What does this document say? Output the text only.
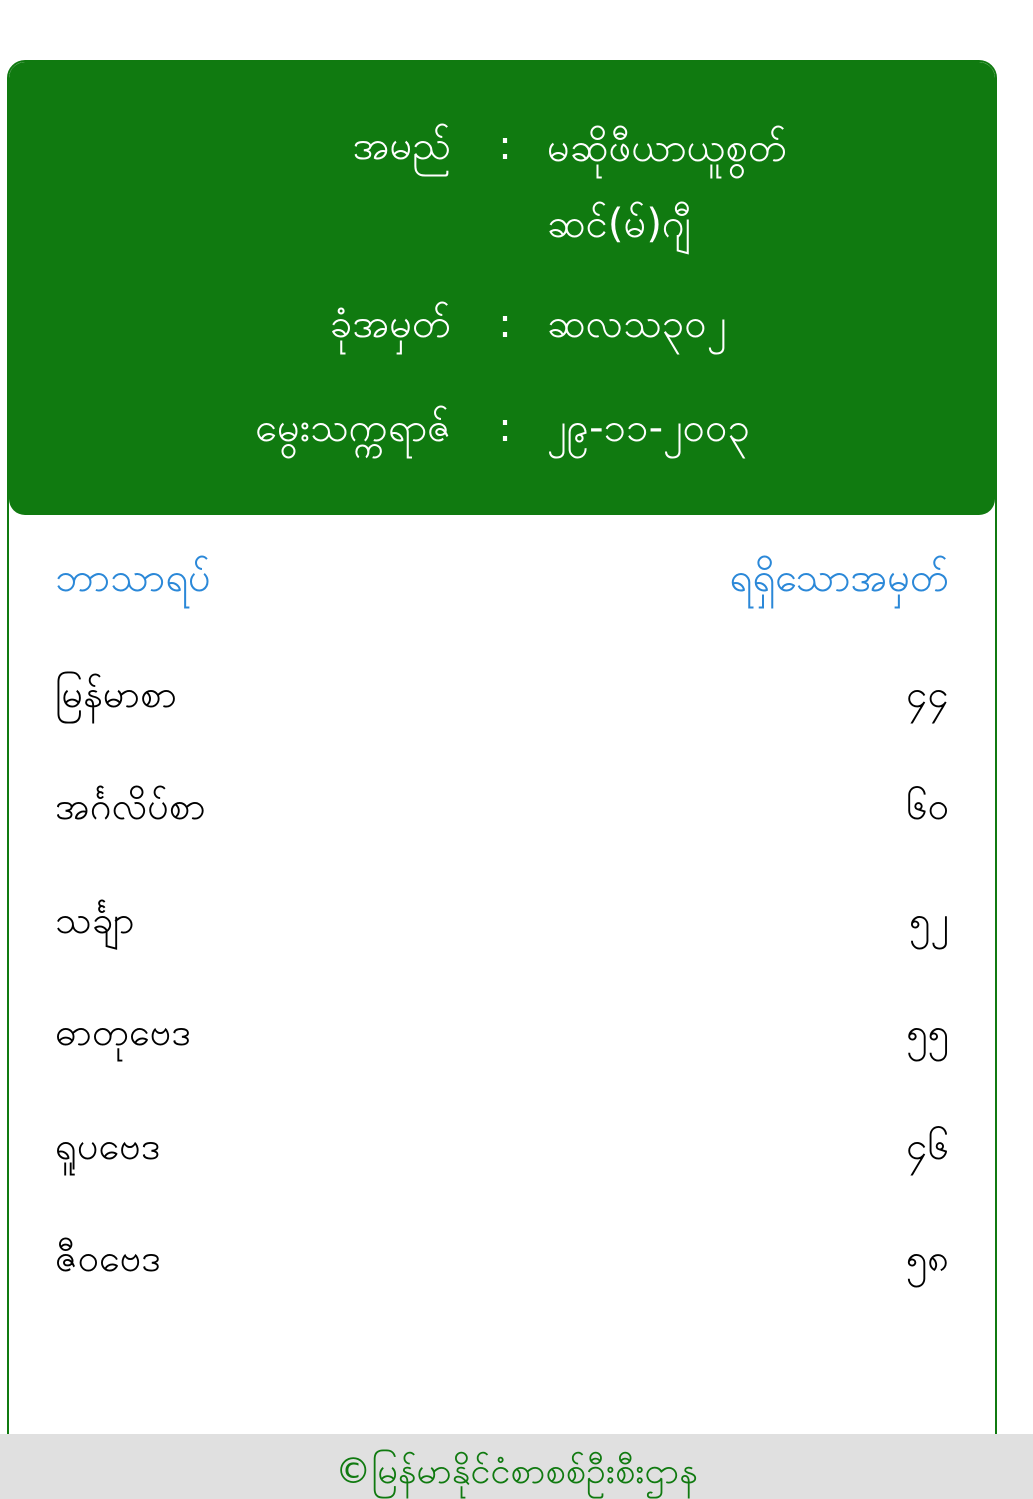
အမည် : မဆိုဖီယာယူစွတ်ဆင်(မ်)ဂျီ
ခုံအမှတ် : ဆလသ၃၀၂
မွေးသက္ကရာဇ် : ၂၉-၁၁-၂၀၀၃
ဘာသာရပ်	ရရှိသောအမှတ်
မြန်မာစာ	၄၄
အင်္ဂလိပ်စာ	၆၀
သင်္ချာ	၅၂
ဓာတုဗေဒ	၅၅
ရူပဗေဒ	၄၆
ဇီဝဗေဒ	၅၈
©မြန်မာနိုင်ငံစာစစ်ဦးစီးဌာန
